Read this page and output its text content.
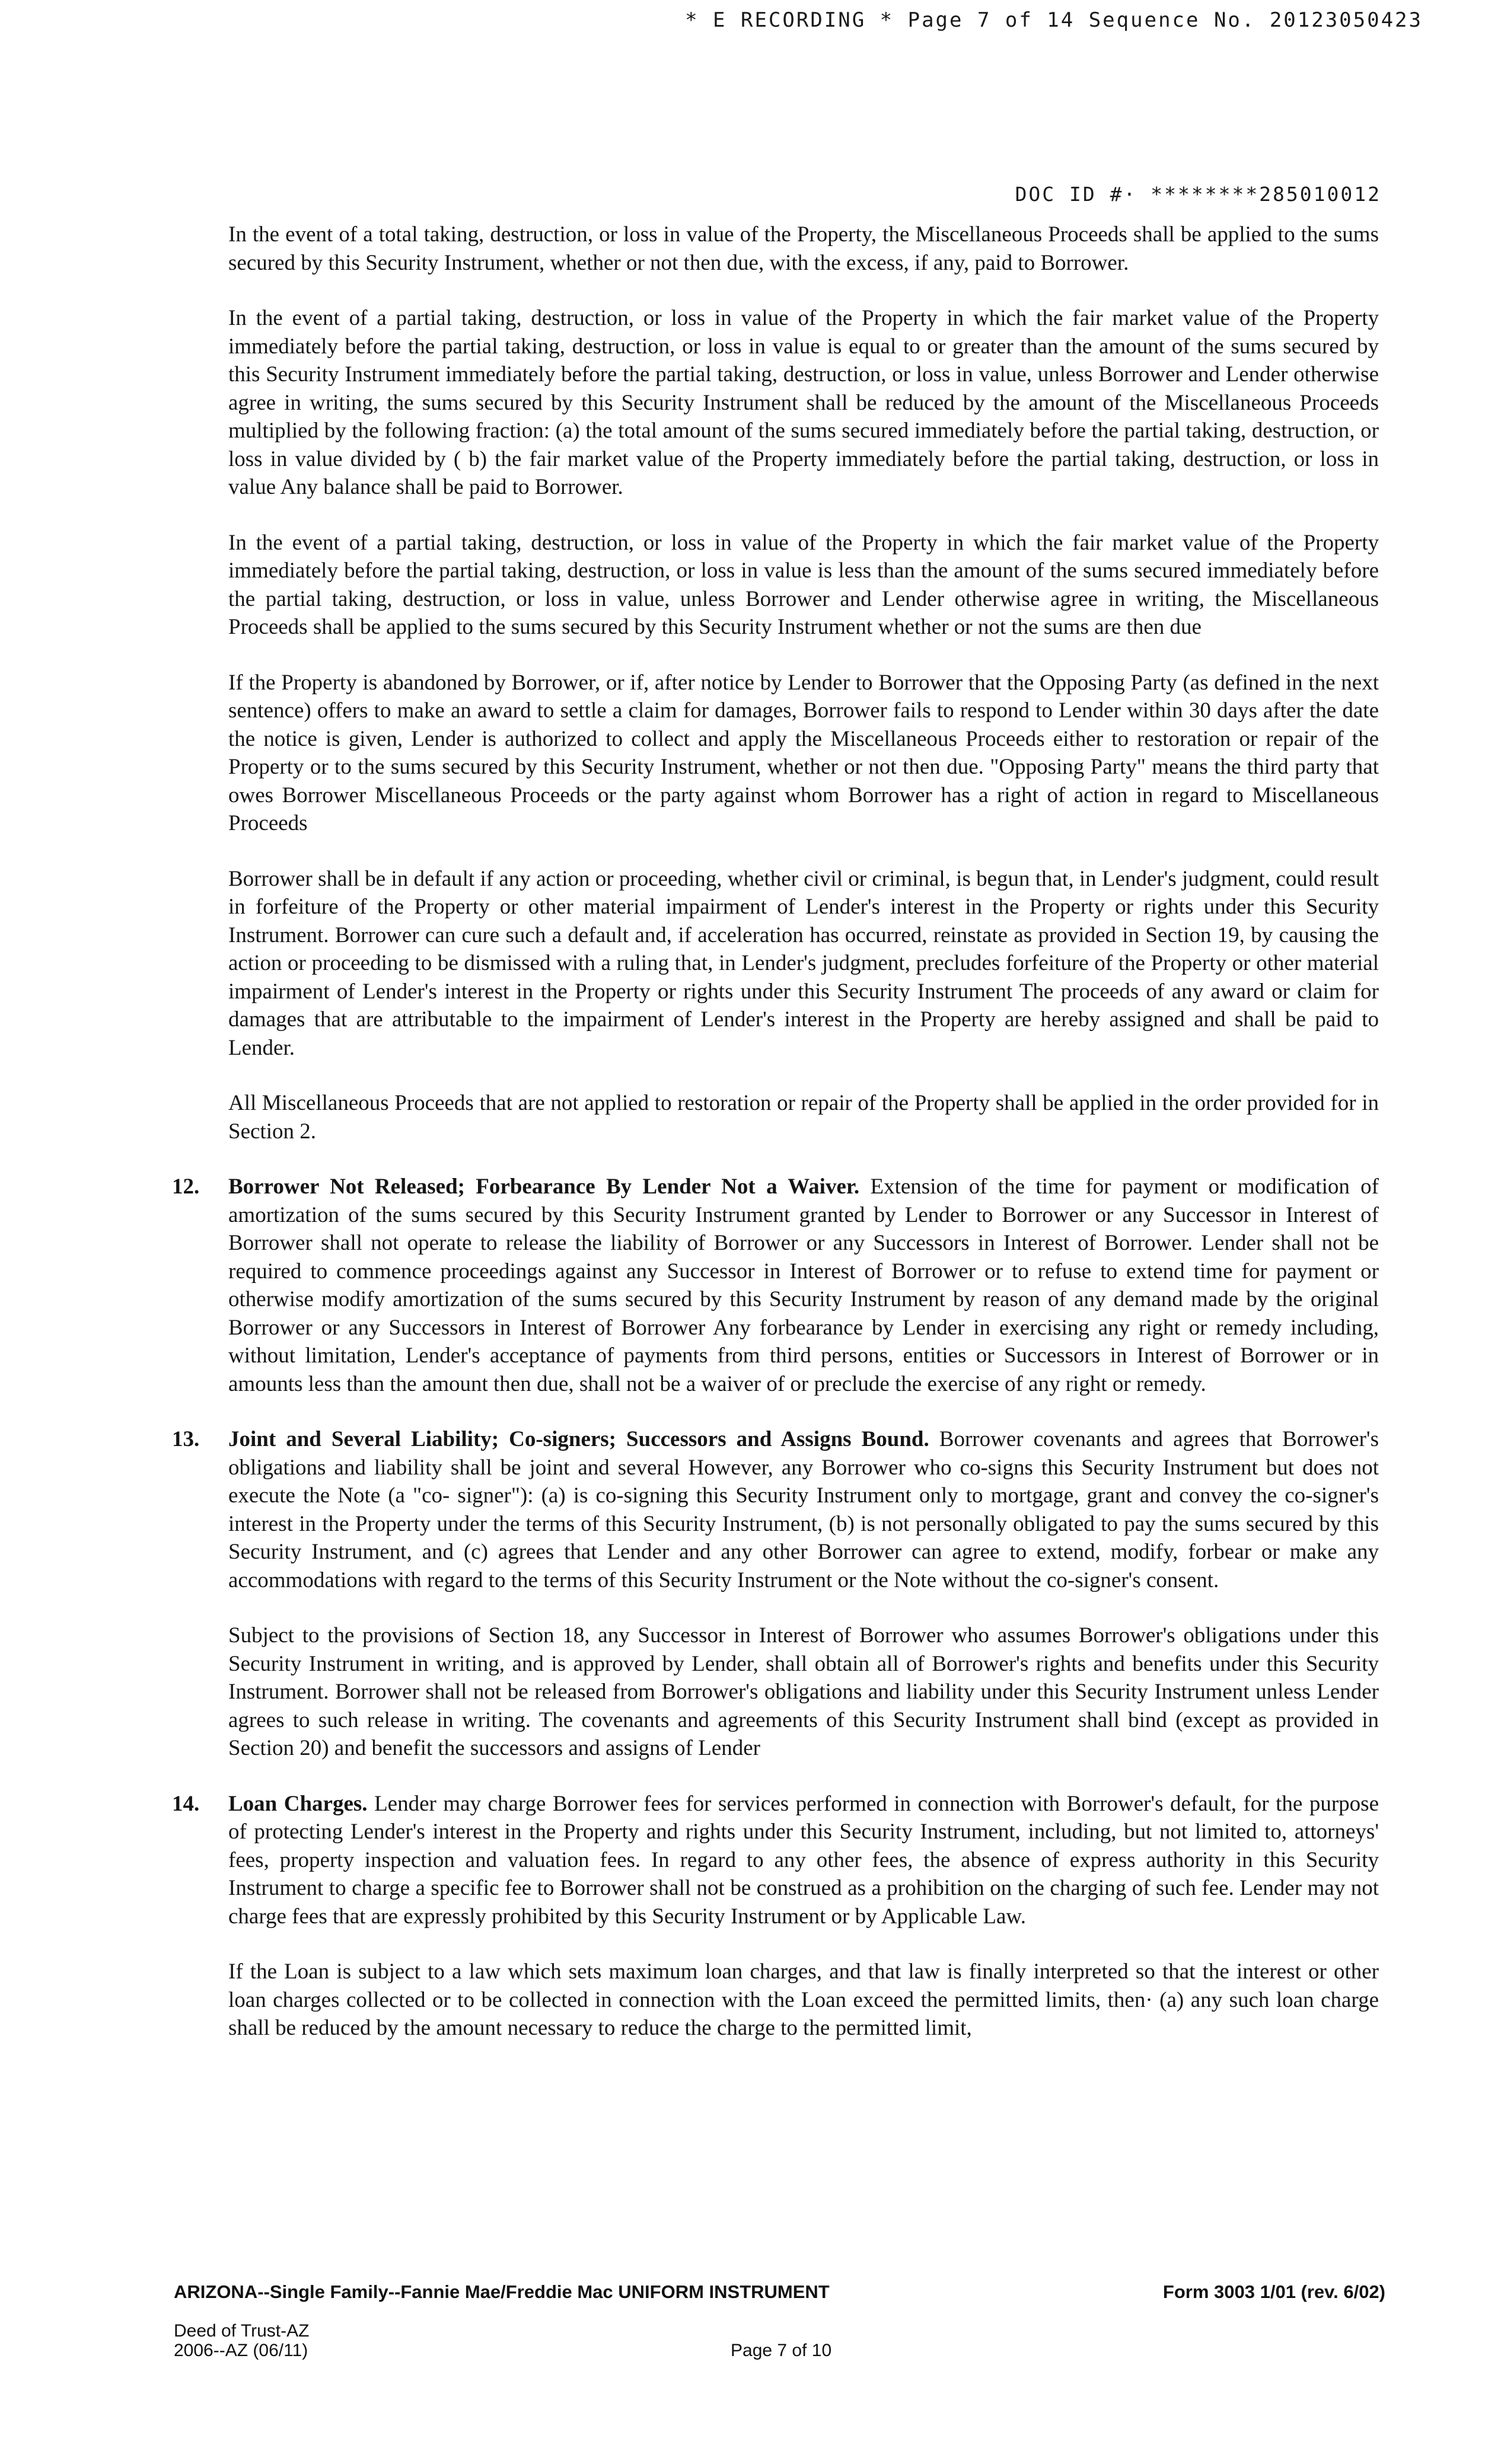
* E RECORDING * Page 7 of 14 Sequence No. 20123050423
DOC ID #· ********285010012

In the event of a total taking, destruction, or loss in value of the Property, the Miscellaneous Proceeds shall be applied to the sums secured by this Security Instrument, whether or not then due, with the excess, if any, paid to Borrower.

In the event of a partial taking, destruction, or loss in value of the Property in which the fair market value of the Property immediately before the partial taking, destruction, or loss in value is equal to or greater than the amount of the sums secured by this Security Instrument immediately before the partial taking, destruction, or loss in value, unless Borrower and Lender otherwise agree in writing, the sums secured by this Security Instrument shall be reduced by the amount of the Miscellaneous Proceeds multiplied by the following fraction: (a) the total amount of the sums secured immediately before the partial taking, destruction, or loss in value divided by ( b) the fair market value of the Property immediately before the partial taking, destruction, or loss in value Any balance shall be paid to Borrower.

In the event of a partial taking, destruction, or loss in value of the Property in which the fair market value of the Property immediately before the partial taking, destruction, or loss in value is less than the amount of the sums secured immediately before the partial taking, destruction, or loss in value, unless Borrower and Lender otherwise agree in writing, the Miscellaneous Proceeds shall be applied to the sums secured by this Security Instrument whether or not the sums are then due

If the Property is abandoned by Borrower, or if, after notice by Lender to Borrower that the Opposing Party (as defined in the next sentence) offers to make an award to settle a claim for damages, Borrower fails to respond to Lender within 30 days after the date the notice is given, Lender is authorized to collect and apply the Miscellaneous Proceeds either to restoration or repair of the Property or to the sums secured by this Security Instrument, whether or not then due. "Opposing Party" means the third party that owes Borrower Miscellaneous Proceeds or the party against whom Borrower has a right of action in regard to Miscellaneous Proceeds

Borrower shall be in default if any action or proceeding, whether civil or criminal, is begun that, in Lender's judgment, could result in forfeiture of the Property or other material impairment of Lender's interest in the Property or rights under this Security Instrument. Borrower can cure such a default and, if acceleration has occurred, reinstate as provided in Section 19, by causing the action or proceeding to be dismissed with a ruling that, in Lender's judgment, precludes forfeiture of the Property or other material impairment of Lender's interest in the Property or rights under this Security Instrument The proceeds of any award or claim for damages that are attributable to the impairment of Lender's interest in the Property are hereby assigned and shall be paid to Lender.

All Miscellaneous Proceeds that are not applied to restoration or repair of the Property shall be applied in the order provided for in Section 2.

12. Borrower Not Released; Forbearance By Lender Not a Waiver. Extension of the time for payment or modification of amortization of the sums secured by this Security Instrument granted by Lender to Borrower or any Successor in Interest of Borrower shall not operate to release the liability of Borrower or any Successors in Interest of Borrower. Lender shall not be required to commence proceedings against any Successor in Interest of Borrower or to refuse to extend time for payment or otherwise modify amortization of the sums secured by this Security Instrument by reason of any demand made by the original Borrower or any Successors in Interest of Borrower Any forbearance by Lender in exercising any right or remedy including, without limitation, Lender's acceptance of payments from third persons, entities or Successors in Interest of Borrower or in amounts less than the amount then due, shall not be a waiver of or preclude the exercise of any right or remedy.
13. Joint and Several Liability; Co-signers; Successors and Assigns Bound. Borrower covenants and agrees that Borrower's obligations and liability shall be joint and several However, any Borrower who co-signs this Security Instrument but does not execute the Note (a "co- signer"): (a) is co-signing this Security Instrument only to mortgage, grant and convey the co-signer's interest in the Property under the terms of this Security Instrument, (b) is not personally obligated to pay the sums secured by this Security Instrument, and (c) agrees that Lender and any other Borrower can agree to extend, modify, forbear or make any accommodations with regard to the terms of this Security Instrument or the Note without the co-signer's consent.

Subject to the provisions of Section 18, any Successor in Interest of Borrower who assumes Borrower's obligations under this Security Instrument in writing, and is approved by Lender, shall obtain all of Borrower's rights and benefits under this Security Instrument. Borrower shall not be released from Borrower's obligations and liability under this Security Instrument unless Lender agrees to such release in writing. The covenants and agreements of this Security Instrument shall bind (except as provided in Section 20) and benefit the successors and assigns of Lender

14. Loan Charges. Lender may charge Borrower fees for services performed in connection with Borrower's default, for the purpose of protecting Lender's interest in the Property and rights under this Security Instrument, including, but not limited to, attorneys' fees, property inspection and valuation fees. In regard to any other fees, the absence of express authority in this Security Instrument to charge a specific fee to Borrower shall not be construed as a prohibition on the charging of such fee. Lender may not charge fees that are expressly prohibited by this Security Instrument or by Applicable Law.

If the Loan is subject to a law which sets maximum loan charges, and that law is finally interpreted so that the interest or other loan charges collected or to be collected in connection with the Loan exceed the permitted limits, then· (a) any such loan charge shall be reduced by the amount necessary to reduce the charge to the permitted limit,

ARIZONA--Single Family--Fannie Mae/Freddie Mac UNIFORM INSTRUMENT	Form 3003 1/01 (rev. 6/02)
Deed of Trust-AZ
2006--AZ (06/11)	Page 7 of 10
